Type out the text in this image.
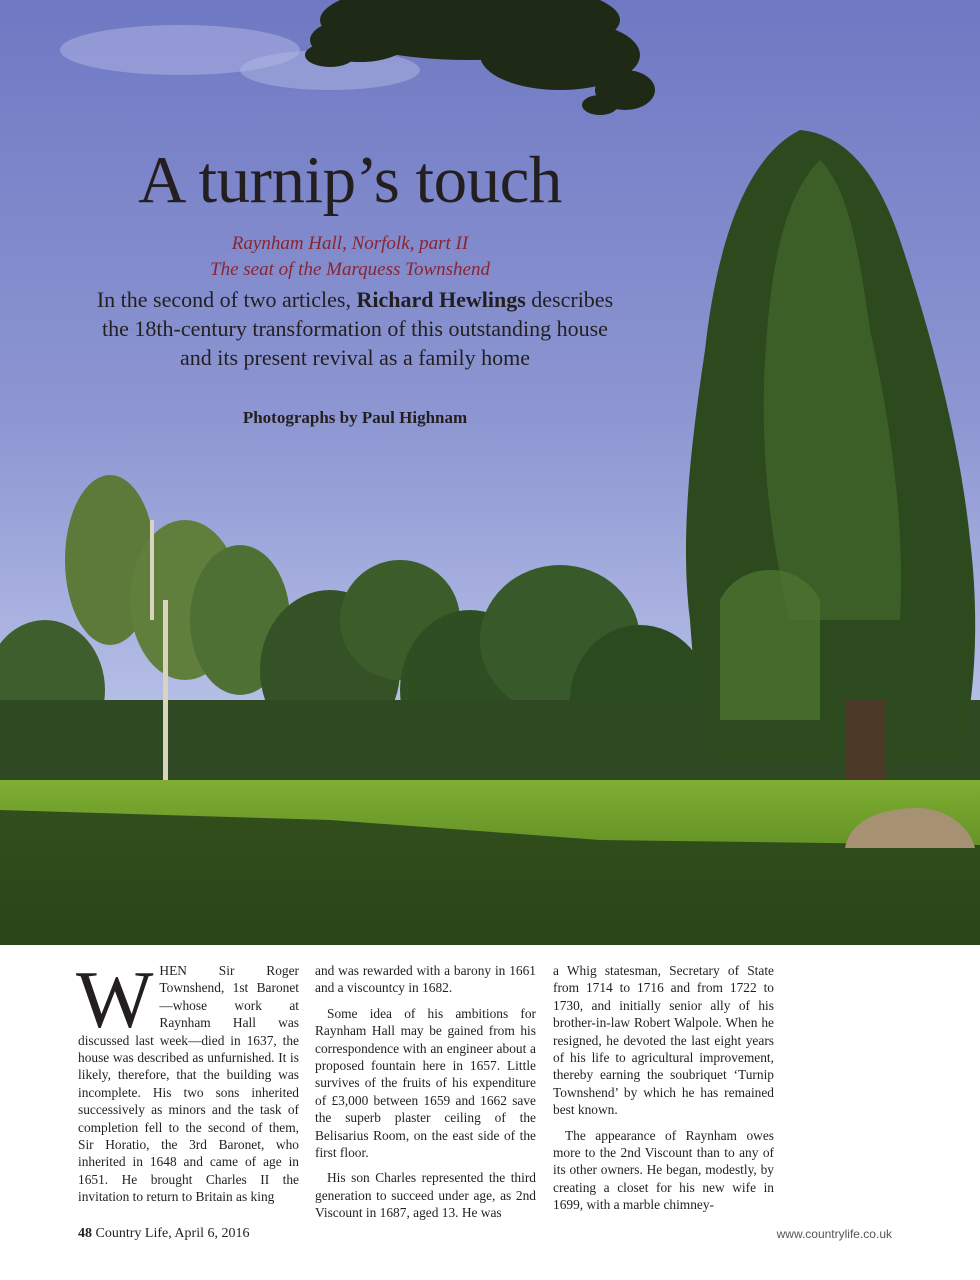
A turnip’s touch
Raynham Hall, Norfolk, part II
The seat of the Marquess Townshend

In the second of two articles, Richard Hewlings describes the 18th-century transformation of this outstanding house and its present revival as a family home

Photographs by Paul Highnam

WHEN Sir Roger Townshend, 1st Baronet—whose work at Raynham Hall was discussed last week—died in 1637, the house was described as unfurnished. It is likely, therefore, that the building was incomplete. His two sons inherited successively as minors and the task of completion fell to the second of them, Sir Horatio, the 3rd Baronet, who inherited in 1648 and came of age in 1651. He brought Charles II the invitation to return to Britain as king

and was rewarded with a barony in 1661 and a viscountcy in 1682.

Some idea of his ambitions for Raynham Hall may be gained from his correspondence with an engineer about a proposed fountain here in 1657. Little survives of the fruits of his expenditure of £3,000 between 1659 and 1662 save the superb plaster ceiling of the Belisarius Room, on the east side of the first floor.

His son Charles represented the third generation to succeed under age, as 2nd Viscount in 1687, aged 13. He was

a Whig statesman, Secretary of State from 1714 to 1716 and from 1722 to 1730, and initially senior ally of his brother-in-law Robert Walpole. When he resigned, he devoted the last eight years of his life to agricultural improvement, thereby earning the soubriquet ‘Turnip Townshend’ by which he has remained best known.

The appearance of Raynham owes more to the 2nd Viscount than to any of its other owners. He began, modestly, by creating a closet for his new wife in 1699, with a marble chimney-

48 Country Life, April 6, 2016	www.countrylife.co.uk
